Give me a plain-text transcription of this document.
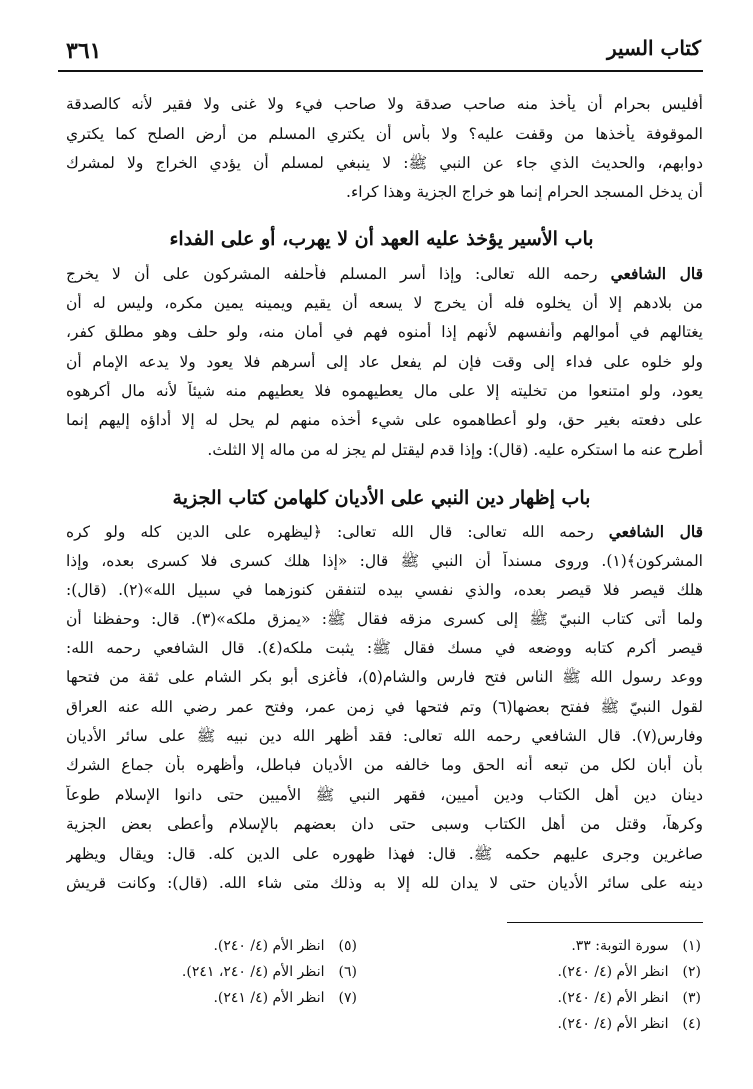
كتاب السير
٣٦١
أفليس بحرام أن يأخذ منه صاحب صدقة ولا صاحب فيء ولا غنى ولا فقير لأنه كالصدقة
الموقوفة يأخذها من وقفت عليه؟ ولا بأس أن يكتري المسلم من أرض الصلح كما يكتري
دوابهم، والحديث الذي جاء عن النبي ﷺ: لا ينبغي لمسلم أن يؤدي الخراج ولا لمشرك
أن يدخل المسجد الحرام إنما هو خراج الجزية وهذا كراء.
باب الأسير يؤخذ عليه العهد أن لا يهرب، أو على الفداء
قال الشافعي رحمه الله تعالى: وإذا أسر المسلم فأحلفه المشركون على أن لا يخرج
من بلادهم إلا أن يخلوه فله أن يخرج لا يسعه أن يقيم ويمينه يمين مكره، وليس له أن
يغتالهم في أموالهم وأنفسهم لأنهم إذا أمنوه فهم في أمان منه، ولو حلف وهو مطلق كفر،
ولو خلوه على فداء إلى وقت فإن لم يفعل عاد إلى أسرهم فلا يعود ولا يدعه الإمام أن
يعود، ولو امتنعوا من تخليته إلا على مال يعطيهموه فلا يعطيهم منه شيئاً لأنه مال أكرهوه
على دفعته بغير حق، ولو أعطاهموه على شيء أخذه منهم لم يحل له إلا أداؤه إليهم إنما
أطرح عنه ما استكره عليه. (قال): وإذا قدم ليقتل لم يجز له من ماله إلا الثلث.
باب إظهار دين النبي على الأديان كلهامن كتاب الجزية
قال الشافعي رحمه الله تعالى: قال الله تعالى: ﴿ليظهره على الدين كله ولو كره
المشركون﴾(١). وروى مسنداً أن النبي ﷺ قال: «إذا هلك كسرى فلا كسرى بعده، وإذا
هلك قيصر فلا قيصر بعده، والذي نفسي بيده لتنفقن كنوزهما في سبيل الله»(٢). (قال):
ولما أتى كتاب النبيّ ﷺ إلى كسرى مزقه فقال ﷺ: «يمزق ملكه»(٣). قال: وحفظنا أن
قيصر أكرم كتابه ووضعه في مسك فقال ﷺ: يثبت ملكه(٤). قال الشافعي رحمه الله:
ووعد رسول الله ﷺ الناس فتح فارس والشام(٥)، فأغزى أبو بكر الشام على ثقة من فتحها
لقول النبيّ ﷺ ففتح بعضها(٦) وتم فتحها في زمن عمر، وفتح عمر رضي الله عنه العراق
وفارس(٧). قال الشافعي رحمه الله تعالى: فقد أظهر الله دين نبيه ﷺ على سائر الأديان
بأن أبان لكل من تبعه أنه الحق وما خالفه من الأديان فباطل، وأظهره بأن جماع الشرك
دينان دين أهل الكتاب ودين أميين، فقهر النبي ﷺ الأميين حتى دانوا الإسلام طوعاً
وكرهاً، وقتل من أهل الكتاب وسبى حتى دان بعضهم بالإسلام وأعطى بعض الجزية
صاغرين وجرى عليهم حكمه ﷺ. قال: فهذا ظهوره على الدين كله. قال: ويقال ويظهر
دينه على سائر الأديان حتى لا يدان لله إلا به وذلك متى شاء الله. (قال): وكانت قريش
(١)سورة التوبة: ٣٣.
(٢)انظر الأم (٤/ ٢٤٠).
(٣)انظر الأم (٤/ ٢٤٠).
(٤)انظر الأم (٤/ ٢٤٠).
(٥)انظر الأم (٤/ ٢٤٠).
(٦)انظر الأم (٤/ ٢٤٠، ٢٤١).
(٧)انظر الأم (٤/ ٢٤١).
